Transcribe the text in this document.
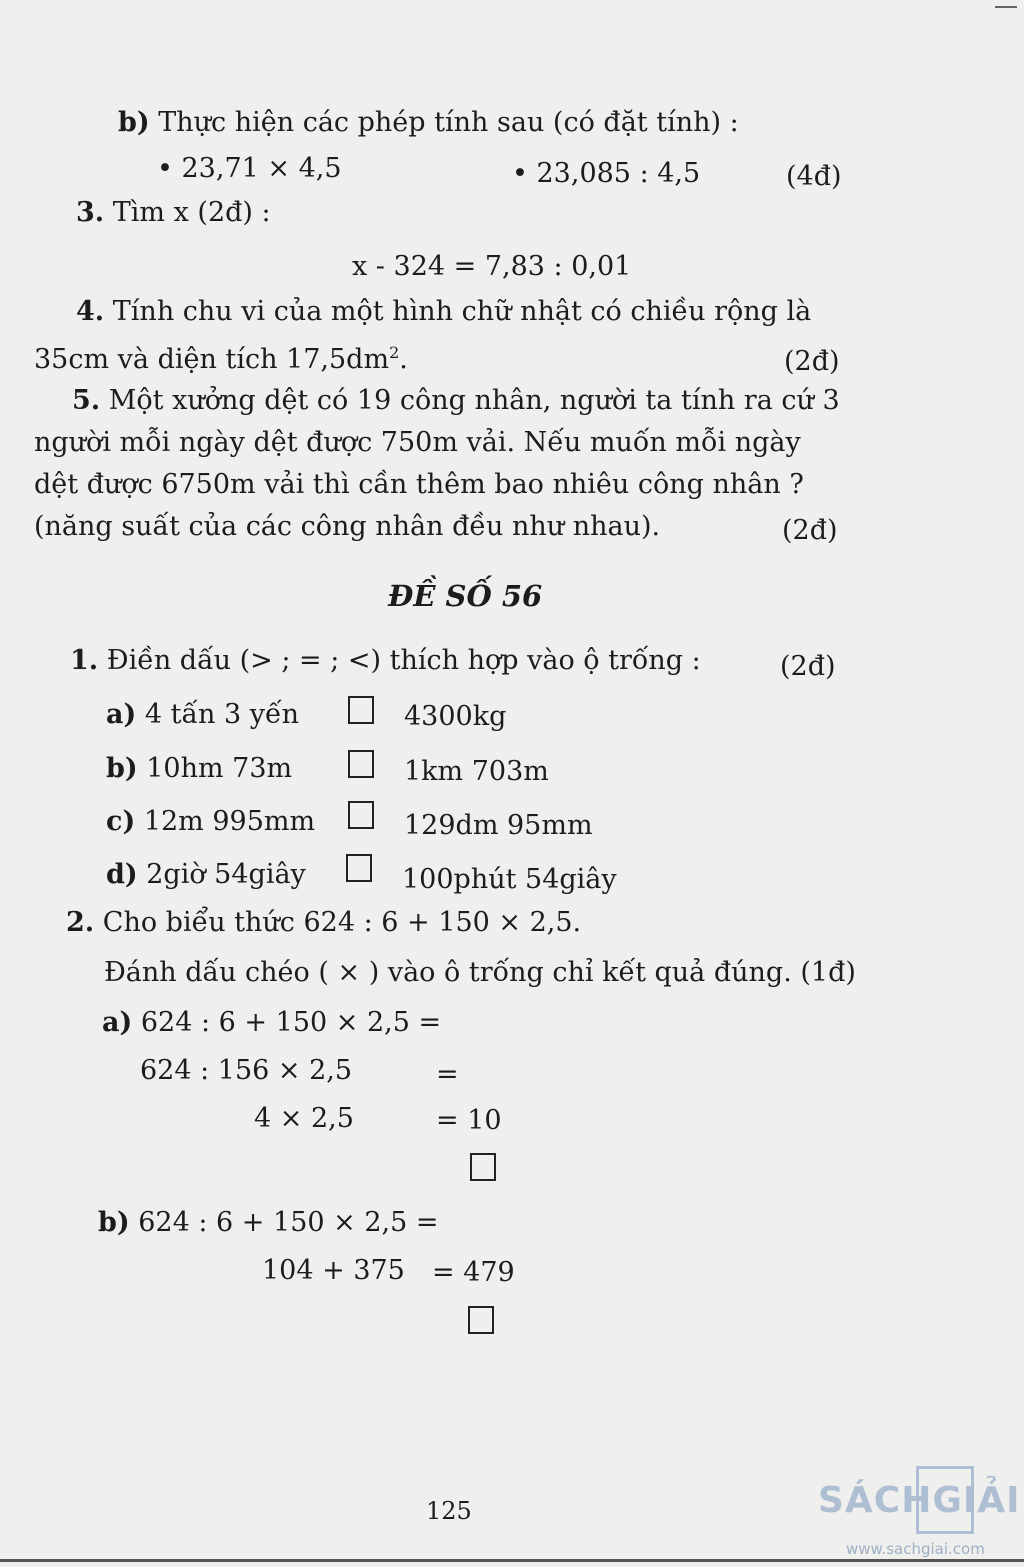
b) Thực hiện các phép tính sau (có đặt tính) :
• 23,71 × 4,5	• 23,085 : 4,5	(4đ)
3. Tìm x (2đ) :
x - 324 = 7,83 : 0,01
4. Tính chu vi của một hình chữ nhật có chiều rộng là
35cm và diện tích $17,5dm^2$.	(2đ)
5. Một xưởng dệt có 19 công nhân, người ta tính ra cứ 3
người mỗi ngày dệt được 750m vải. Nếu muốn mỗi ngày
dệt được 6750m vải thì cần thêm bao nhiêu công nhân ?
(năng suất của các công nhân đều như nhau).	(2đ)
ĐỀ SỐ 56
1. Điền dấu (> ; = ; <) thích hợp vào ộ trống :	(2đ)
a) 4 tấn 3 yến	4300kg
b) 10hm 73m	1km 703m
c) 12m 995mm	129dm 95mm
d) 2giờ 54giây	100phút 54giây
2. Cho biểu thức 624 : 6 + 150 × 2,5.
Đánh dấu chéo ( × ) vào ô trống chỉ kết quả đúng. (1đ)
a) 624 : 6 + 150 × 2,5 =
624 : 156 × 2,5	=
4 × 2,5	= 10
b) 624 : 6 + 150 × 2,5 =
104 + 375 = 479
125	SÁCHGIẢI
www.sachgiai.com
